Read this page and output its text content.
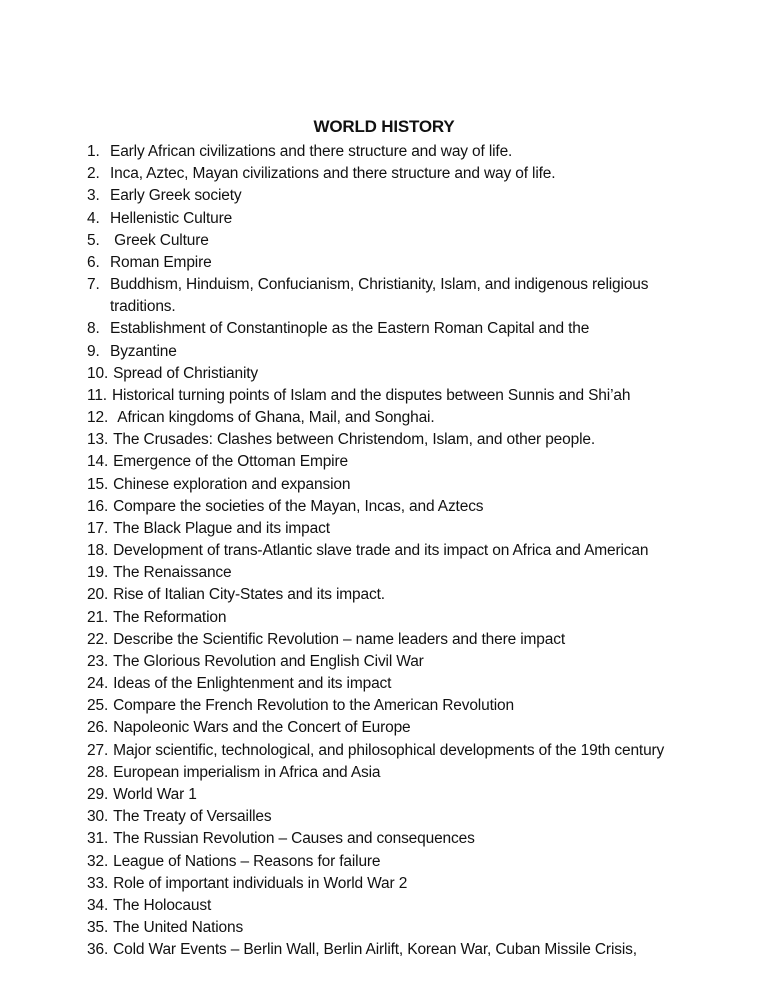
WORLD HISTORY
1. Early African civilizations and there structure and way of life.
2. Inca, Aztec, Mayan civilizations and there structure and way of life.
3. Early Greek society
4. Hellenistic Culture
5. Greek Culture
6. Roman Empire
7. Buddhism, Hinduism, Confucianism, Christianity, Islam, and indigenous religious traditions.
8. Establishment of Constantinople as the Eastern Roman Capital and the
9. Byzantine
10. Spread of Christianity
11. Historical turning points of Islam and the disputes between Sunnis and Shi’ah
12. African kingdoms of Ghana, Mail, and Songhai.
13. The Crusades: Clashes between Christendom, Islam, and other people.
14. Emergence of the Ottoman Empire
15. Chinese exploration and expansion
16. Compare the societies of the Mayan, Incas, and Aztecs
17. The Black Plague and its impact
18. Development of trans-Atlantic slave trade and its impact on Africa and American
19. The Renaissance
20. Rise of Italian City-States and its impact.
21. The Reformation
22. Describe the Scientific Revolution – name leaders and there impact
23. The Glorious Revolution and English Civil War
24. Ideas of the Enlightenment and its impact
25. Compare the French Revolution to the American Revolution
26. Napoleonic Wars and the Concert of Europe
27. Major scientific, technological, and philosophical developments of the 19th century
28. European imperialism in Africa and Asia
29. World War 1
30. The Treaty of Versailles
31. The Russian Revolution – Causes and consequences
32. League of Nations – Reasons for failure
33. Role of important individuals in World War 2
34. The Holocaust
35. The United Nations
36. Cold War Events – Berlin Wall, Berlin Airlift, Korean War, Cuban Missile Crisis,
